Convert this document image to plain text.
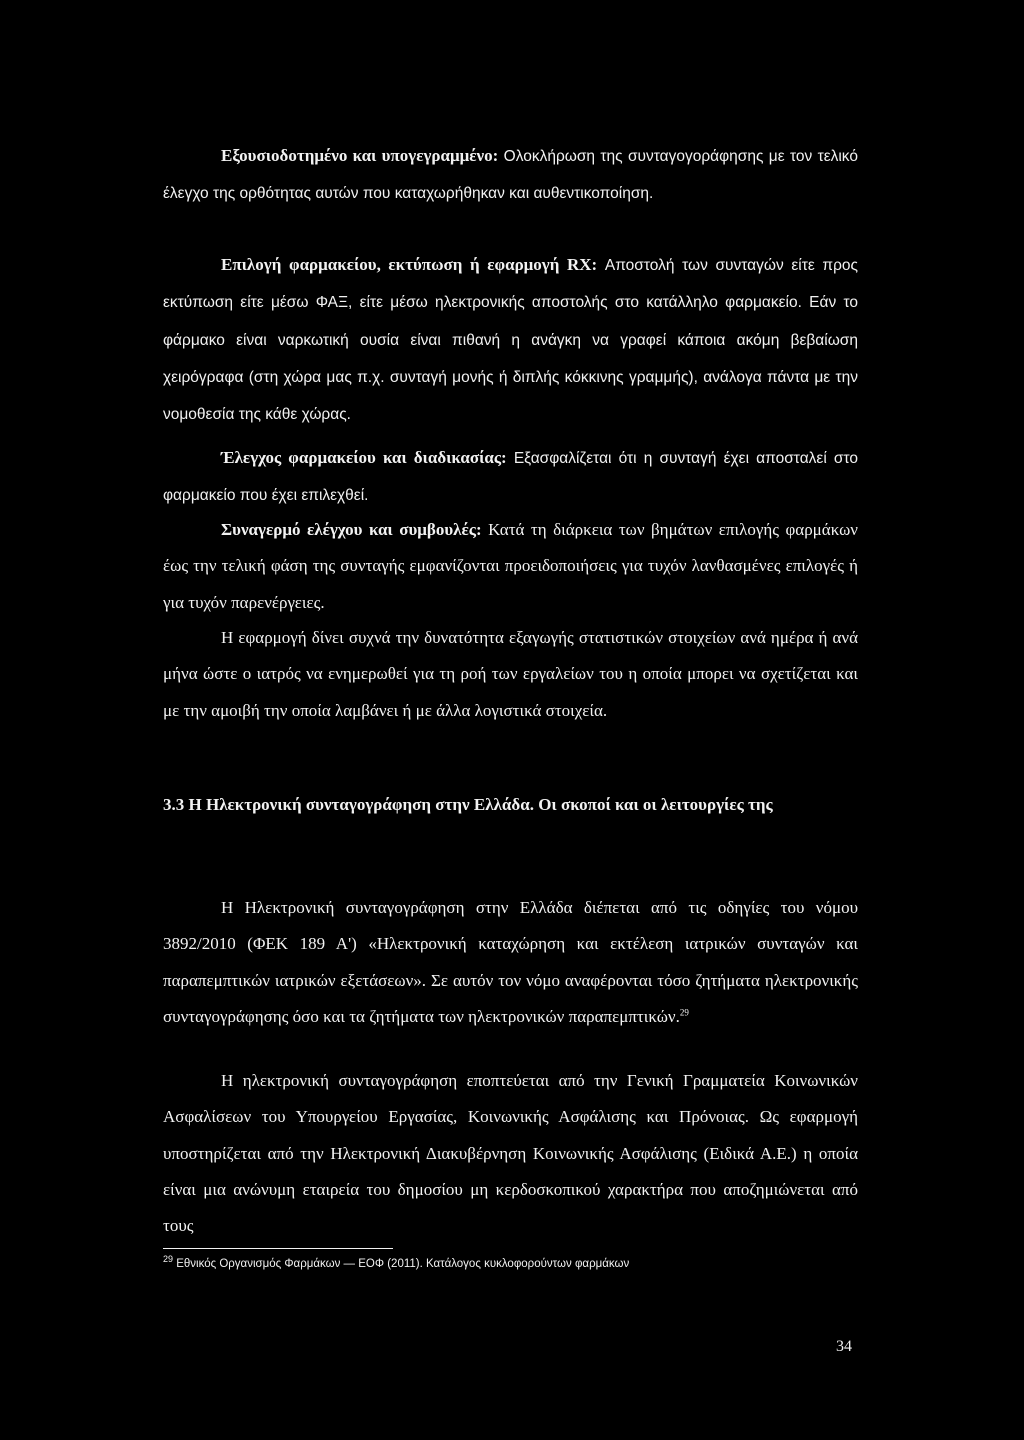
Εξουσιοδοτημένο και υπογεγραμμένο: Ολοκλήρωση της συνταγογοράφησης με τον τελικό έλεγχο της ορθότητας αυτών που καταχωρήθηκαν και αυθεντικοποίηση.

Επιλογή φαρμακείου, εκτύπωση ή εφαρμογή RX: Αποστολή των συνταγών είτε προς εκτύπωση είτε μέσω ΦΑΞ, είτε μέσω ηλεκτρονικής αποστολής στο κατάλληλο φαρμακείο. Εάν το φάρμακο είναι ναρκωτική ουσία είναι πιθανή η ανάγκη να γραφεί κάποια ακόμη βεβαίωση χειρόγραφα (στη χώρα μας π.χ. συνταγή μονής ή διπλής κόκκινης γραμμής), ανάλογα πάντα με την νομοθεσία της κάθε χώρας.

Έλεγχος φαρμακείου και διαδικασίας: Εξασφαλίζεται ότι η συνταγή έχει αποσταλεί στο φαρμακείο που έχει επιλεχθεί.

Συναγερμό ελέγχου και συμβουλές: Κατά τη διάρκεια των βημάτων επιλογής φαρμάκων έως την τελική φάση της συνταγής εμφανίζονται προειδοποιήσεις για τυχόν λανθασμένες επιλογές ή για τυχόν παρενέργειες.

Η εφαρμογή δίνει συχνά την δυνατότητα εξαγωγής στατιστικών στοιχείων ανά ημέρα ή ανά μήνα ώστε ο ιατρός να ενημερωθεί για τη ροή των εργαλείων του η οποία μπορει να σχετίζεται και με την αμοιβή την οποία λαμβάνει ή με άλλα λογιστικά στοιχεία.

3.3 Η Ηλεκτρονική συνταγογράφηση στην Ελλάδα. Οι σκοποί και οι λειτουργίες της

Η Ηλεκτρονική συνταγογράφηση στην Ελλάδα διέπεται από τις οδηγίες του νόμου 3892/2010 (ΦΕΚ 189 Α') «Ηλεκτρονική καταχώρηση και εκτέλεση ιατρικών συνταγών και παραπεμπτικών ιατρικών εξετάσεων». Σε αυτόν τον νόμο αναφέρονται τόσο ζητήματα ηλεκτρονικής συνταγογράφησης όσο και τα ζητήματα των ηλεκτρονικών παραπεμπτικών.$^{29}$

Η ηλεκτρονική συνταγογράφηση εποπτεύεται από την Γενική Γραμματεία Κοινωνικών Ασφαλίσεων του Υπουργείου Εργασίας, Κοινωνικής Ασφάλισης και Πρόνοιας. Ως εφαρμογή υποστηρίζεται από την Ηλεκτρονική Διακυβέρνηση Κοινωνικής Ασφάλισης (Ειδικά Α.Ε.) η οποία είναι μια ανώνυμη εταιρεία του δημοσίου μη κερδοσκοπικού χαρακτήρα που αποζημιώνεται από τους

$^{29}$ Εθνικός Οργανισμός Φαρμάκων — ΕΟΦ (2011). Κατάλογος κυκλοφορούντων φαρμάκων

34
